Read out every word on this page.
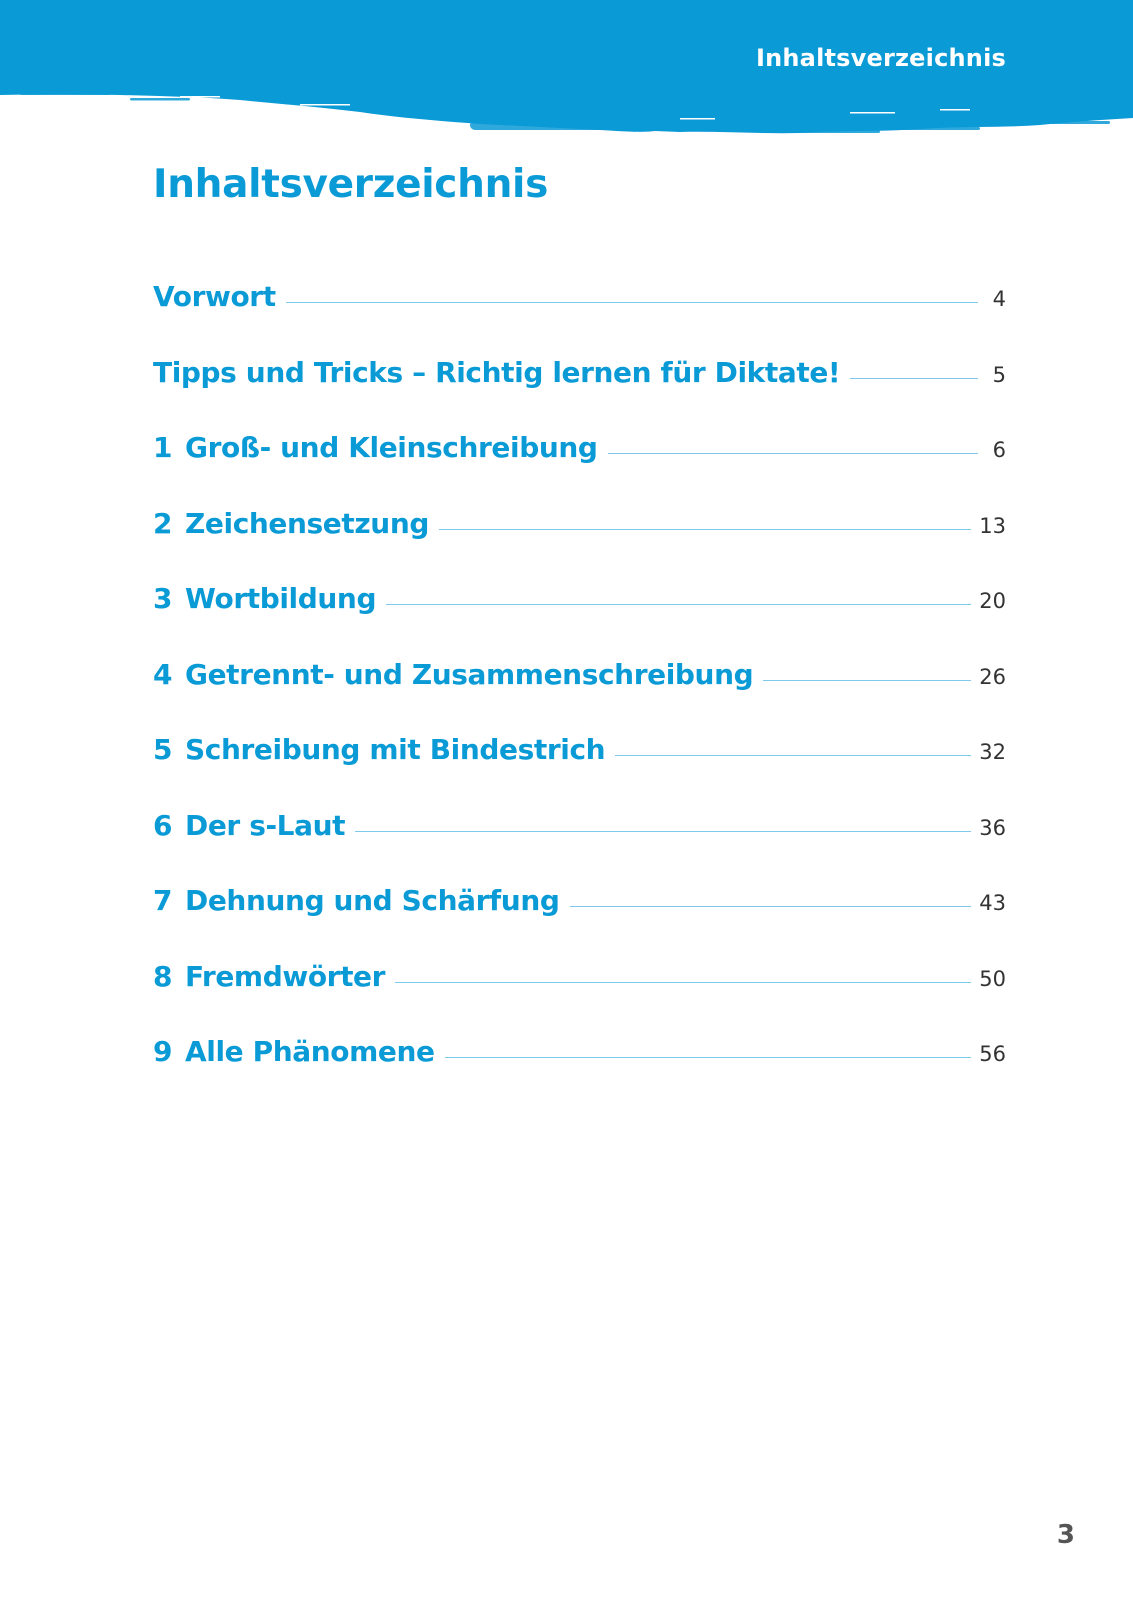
Inhaltsverzeichnis
Inhaltsverzeichnis
Vorwort	4
Tipps und Tricks – Richtig lernen für Diktate!	5
1 Groß- und Kleinschreibung	6
2 Zeichensetzung	13
3 Wortbildung	20
4 Getrennt- und Zusammenschreibung	26
5 Schreibung mit Bindestrich	32
6 Der s-Laut	36
7 Dehnung und Schärfung	43
8 Fremdwörter	50
9 Alle Phänomene	56
3
